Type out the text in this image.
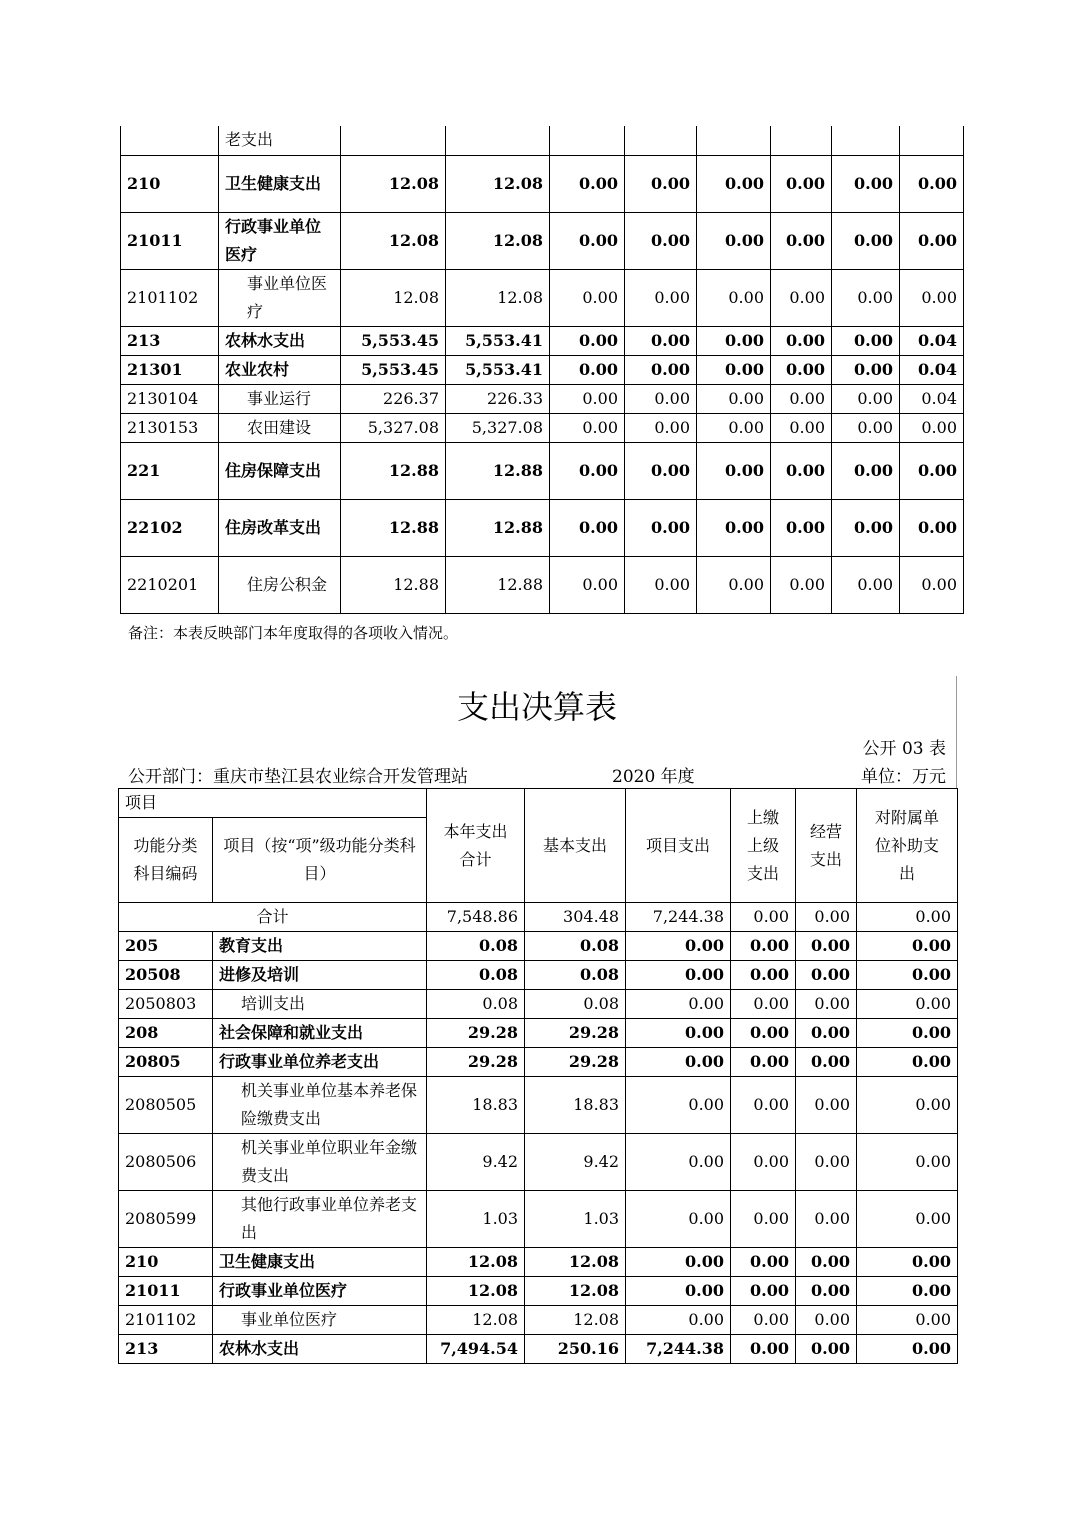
	老支出								
210	卫生健康支出	12.08	12.08	0.00	0.00	0.00	0.00	0.00	0.00
21011	行政事业单位医疗	12.08	12.08	0.00	0.00	0.00	0.00	0.00	0.00
2101102	事业单位医疗	12.08	12.08	0.00	0.00	0.00	0.00	0.00	0.00
213	农林水支出	5,553.45	5,553.41	0.00	0.00	0.00	0.00	0.00	0.04
21301	农业农村	5,553.45	5,553.41	0.00	0.00	0.00	0.00	0.00	0.04
2130104	事业运行	226.37	226.33	0.00	0.00	0.00	0.00	0.00	0.04
2130153	农田建设	5,327.08	5,327.08	0.00	0.00	0.00	0.00	0.00	0.00
221	住房保障支出	12.88	12.88	0.00	0.00	0.00	0.00	0.00	0.00
22102	住房改革支出	12.88	12.88	0.00	0.00	0.00	0.00	0.00	0.00
2210201	住房公积金	12.88	12.88	0.00	0.00	0.00	0.00	0.00	0.00
备注：本表反映部门本年度取得的各项收入情况。
支出决算表
公开 03 表
公开部门：重庆市垫江县农业综合开发管理站	2020 年度	单位：万元
项目		本年支出合计	基本支出	项目支出	上缴上级支出	经营支出	对附属单位补助支出

功能分类科目编码	项目（按“项”级功能分类科目）						

合计		7,548.86	304.48	7,244.38	0.00	0.00	0.00
205	教育支出	0.08	0.08	0.00	0.00	0.00	0.00
20508	进修及培训	0.08	0.08	0.00	0.00	0.00	0.00
2050803	培训支出	0.08	0.08	0.00	0.00	0.00	0.00
208	社会保障和就业支出	29.28	29.28	0.00	0.00	0.00	0.00
20805	行政事业单位养老支出	29.28	29.28	0.00	0.00	0.00	0.00
2080505	机关事业单位基本养老保险缴费支出	18.83	18.83	0.00	0.00	0.00	0.00
2080506	机关事业单位职业年金缴费支出	9.42	9.42	0.00	0.00	0.00	0.00
2080599	其他行政事业单位养老支出	1.03	1.03	0.00	0.00	0.00	0.00
210	卫生健康支出	12.08	12.08	0.00	0.00	0.00	0.00
21011	行政事业单位医疗	12.08	12.08	0.00	0.00	0.00	0.00
2101102	事业单位医疗	12.08	12.08	0.00	0.00	0.00	0.00
213	农林水支出	7,494.54	250.16	7,244.38	0.00	0.00	0.00
